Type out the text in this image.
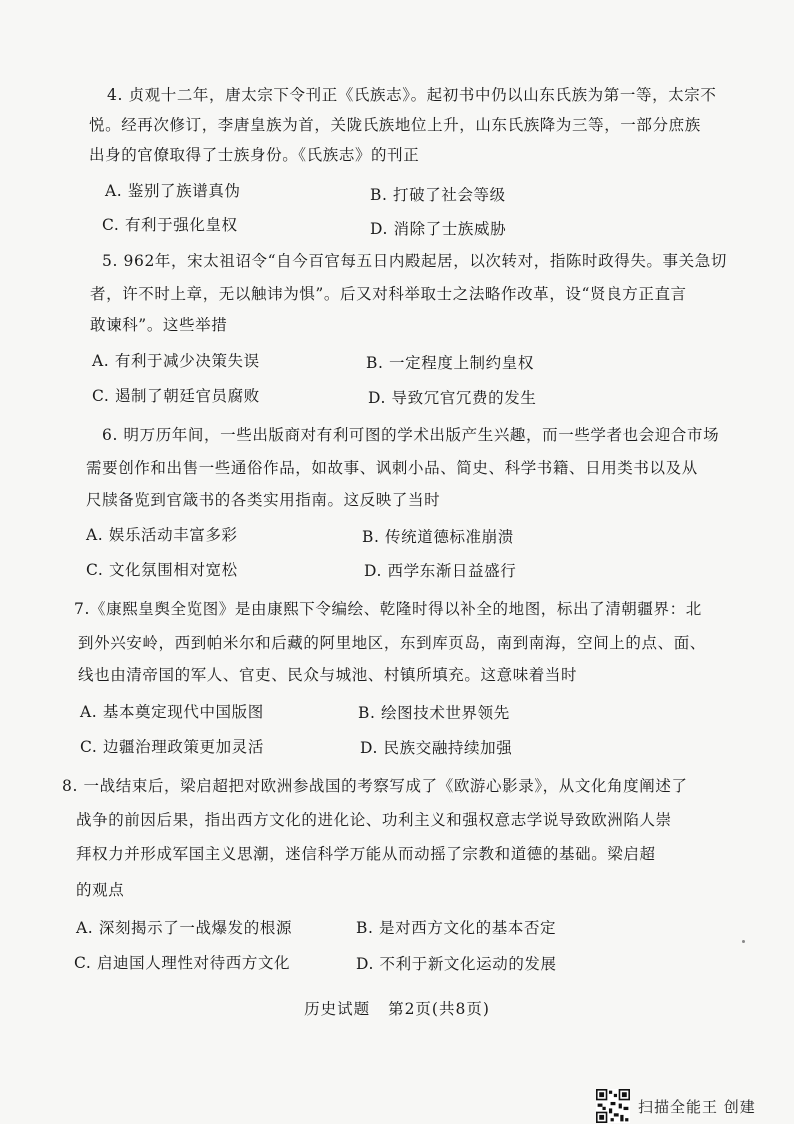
4. 贞观十二年，唐太宗下令刊正《氏族志》。起初书中仍以山东氏族为第一等，太宗不
悦。经再次修订，李唐皇族为首，关陇氏族地位上升，山东氏族降为三等，一部分庶族
出身的官僚取得了士族身份。《氏族志》的刊正
A. 鉴别了族谱真伪	B. 打破了社会等级
C. 有利于强化皇权	D. 消除了士族威胁
5. 962年，宋太祖诏令“自今百官每五日内殿起居，以次转对，指陈时政得失。事关急切
者，许不时上章，无以触讳为惧”。后又对科举取士之法略作改革，设“贤良方正直言
敢谏科”。这些举措
A. 有利于减少决策失误	B. 一定程度上制约皇权
C. 遏制了朝廷官员腐败	D. 导致冗官冗费的发生
6. 明万历年间，一些出版商对有利可图的学术出版产生兴趣，而一些学者也会迎合市场
需要创作和出售一些通俗作品，如故事、讽刺小品、简史、科学书籍、日用类书以及从
尺牍备览到官箴书的各类实用指南。这反映了当时
A. 娱乐活动丰富多彩	B. 传统道德标准崩溃
C. 文化氛围相对宽松	D. 西学东渐日益盛行
7.《康熙皇舆全览图》是由康熙下令编绘、乾隆时得以补全的地图，标出了清朝疆界：北
到外兴安岭，西到帕米尔和后藏的阿里地区，东到库页岛，南到南海，空间上的点、面、
线也由清帝国的军人、官吏、民众与城池、村镇所填充。这意味着当时
A. 基本奠定现代中国版图	B. 绘图技术世界领先
C. 边疆治理政策更加灵活	D. 民族交融持续加强
8. 一战结束后，梁启超把对欧洲参战国的考察写成了《欧游心影录》，从文化角度阐述了
战争的前因后果，指出西方文化的进化论、功利主义和强权意志学说导致欧洲陷人崇
拜权力并形成军国主义思潮，迷信科学万能从而动摇了宗教和道德的基础。梁启超
的观点
A. 深刻揭示了一战爆发的根源	B. 是对西方文化的基本否定
C. 启迪国人理性对待西方文化	D. 不利于新文化运动的发展
历史试题 第2页(共8页)
扫描全能王 创建
